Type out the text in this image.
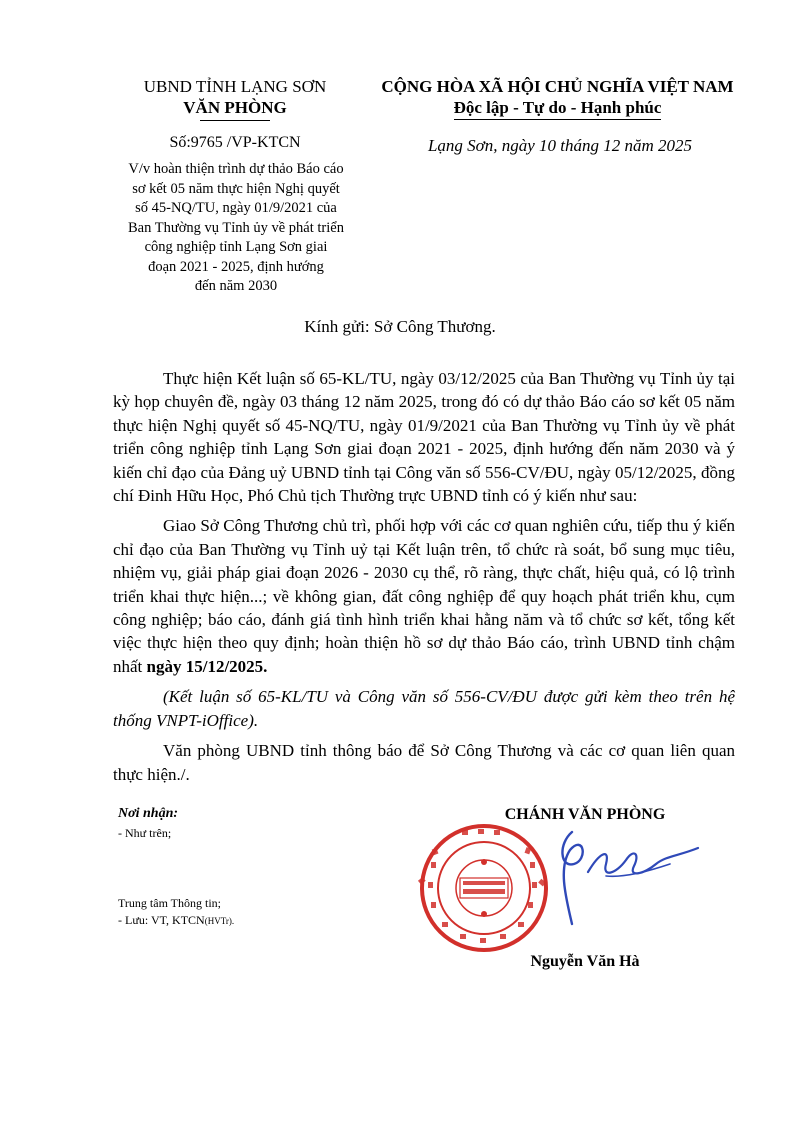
UBND TỈNH LẠNG SƠN
VĂN PHÒNG
CỘNG HÒA XÃ HỘI CHỦ NGHĨA VIỆT NAM
Độc lập - Tự do - Hạnh phúc
Số:9765 /VP-KTCN
V/v hoàn thiện trình dự thảo Báo cáo
sơ kết 05 năm thực hiện Nghị quyết
số 45-NQ/TU, ngày 01/9/2021 của
Ban Thường vụ Tỉnh ủy về phát triển
công nghiệp tỉnh Lạng Sơn giai
đoạn 2021 - 2025, định hướng
đến năm 2030
Lạng Sơn, ngày 10 tháng 12 năm 2025
Kính gửi: Sở Công Thương.

Thực hiện Kết luận số 65-KL/TU, ngày 03/12/2025 của Ban Thường vụ Tỉnh ủy tại kỳ họp chuyên đề, ngày 03 tháng 12 năm 2025, trong đó có dự thảo Báo cáo sơ kết 05 năm thực hiện Nghị quyết số 45-NQ/TU, ngày 01/9/2021 của Ban Thường vụ Tỉnh ủy về phát triển công nghiệp tỉnh Lạng Sơn giai đoạn 2021 - 2025, định hướng đến năm 2030 và ý kiến chỉ đạo của Đảng uỷ UBND tỉnh tại Công văn số 556-CV/ĐU, ngày 05/12/2025, đồng chí Đinh Hữu Học, Phó Chủ tịch Thường trực UBND tỉnh có ý kiến như sau:

Giao Sở Công Thương chủ trì, phối hợp với các cơ quan nghiên cứu, tiếp thu ý kiến chỉ đạo của Ban Thường vụ Tỉnh uỷ tại Kết luận trên, tổ chức rà soát, bổ sung mục tiêu, nhiệm vụ, giải pháp giai đoạn 2026 - 2030 cụ thể, rõ ràng, thực chất, hiệu quả, có lộ trình triển khai thực hiện...; về không gian, đất công nghiệp để quy hoạch phát triển khu, cụm công nghiệp; báo cáo, đánh giá tình hình triển khai hằng năm và tổ chức sơ kết, tổng kết việc thực hiện theo quy định; hoàn thiện hồ sơ dự thảo Báo cáo, trình UBND tỉnh chậm nhất ngày 15/12/2025.

(Kết luận số 65-KL/TU và Công văn số 556-CV/ĐU được gửi kèm theo trên hệ thống VNPT-iOffice).

Văn phòng UBND tỉnh thông báo để Sở Công Thương và các cơ quan liên quan thực hiện./.

Nơi nhận:
- Như trên;
Trung tâm Thông tin;
- Lưu: VT, KTCN(HVTr).
CHÁNH VĂN PHÒNG
Nguyễn Văn Hà
